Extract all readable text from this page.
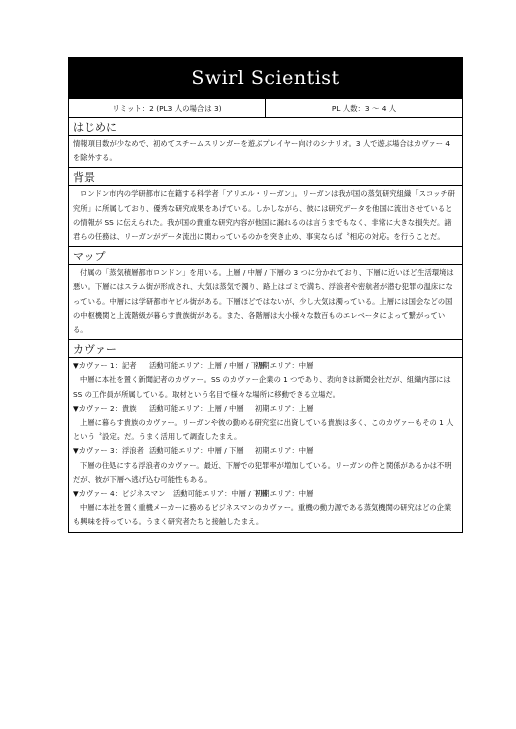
Swirl Scientist
リミット：2 (PL3 人の場合は 3)	PL 人数：3 ～ 4 人
はじめに

情報項目数が少なめで、初めてスチームスリンガーを遊ぶプレイヤー向けのシナリオ。3 人で遊ぶ場合はカヴァー 4 を除外する。

背景

ロンドン市内の学研都市に在籍する科学者「アリエル・リーガン」。リーガンは我が国の蒸気研究組織「スコッチ研究所」に所属しており、優秀な研究成果をあげている。しかしながら、彼には研究データを他国に流出させているとの情報が SS に伝えられた。我が国の貴重な研究内容が他国に漏れるのは言うまでもなく、非常に大きな損失だ。諸君らの任務は、リーガンがデータ流出に関わっているのかを突き止め、事実ならば〝相応の対応〟を行うことだ。

マップ

付属の「蒸気積層都市ロンドン」を用いる。上層 / 中層 / 下層の 3 つに分かれており、下層に近いほど生活環境は悪い。下層にはスラム街が形成され、大気は蒸気で濁り、路上はゴミで満ち、浮浪者や密航者が潜む犯罪の温床になっている。中層には学研都市ヤビル街がある。下層ほどではないが、少し大気は濁っている。上層には国会などの国の中枢機関と上流階級が暮らす貴族街がある。また、各階層は大小様々な数百ものエレベータによって繋がっている。

カヴァー
▼カヴァー 1：記者	活動可能エリア：上層 / 中層 / 下層
初期エリア：中層

中層に本社を置く新聞記者のカヴァー。SS のカヴァー企業の 1 つであり、表向きは新聞会社だが、組織内部には SS の工作員が所属している。取材という名目で様々な場所に移動できる立場だ。

▼カヴァー 2：貴族	活動可能エリア：上層 / 中層	初期エリア：上層

上層に暮らす貴族のカヴァー。リーガンや彼の勤める研究室に出資している貴族は多く、このカヴァーもその 1 人という〝設定〟だ。うまく活用して調査したまえ。

▼カヴァー 3：浮浪者 活動可能エリア：中層 / 下層	初期エリア：中層

下層の住処にする浮浪者のカヴァー。最近、下層での犯罪率が増加している。リーガンの件と関係があるかは不明だが、彼が下層へ逃げ込む可能性もある。

▼カヴァー 4：ビジネスマン	活動可能エリア：中層 / 下層
初期エリア：中層

中層に本社を置く重機メーカーに務めるビジネスマンのカヴァー。重機の動力源である蒸気機関の研究はどの企業も興味を持っている。うまく研究者たちと接触したまえ。
